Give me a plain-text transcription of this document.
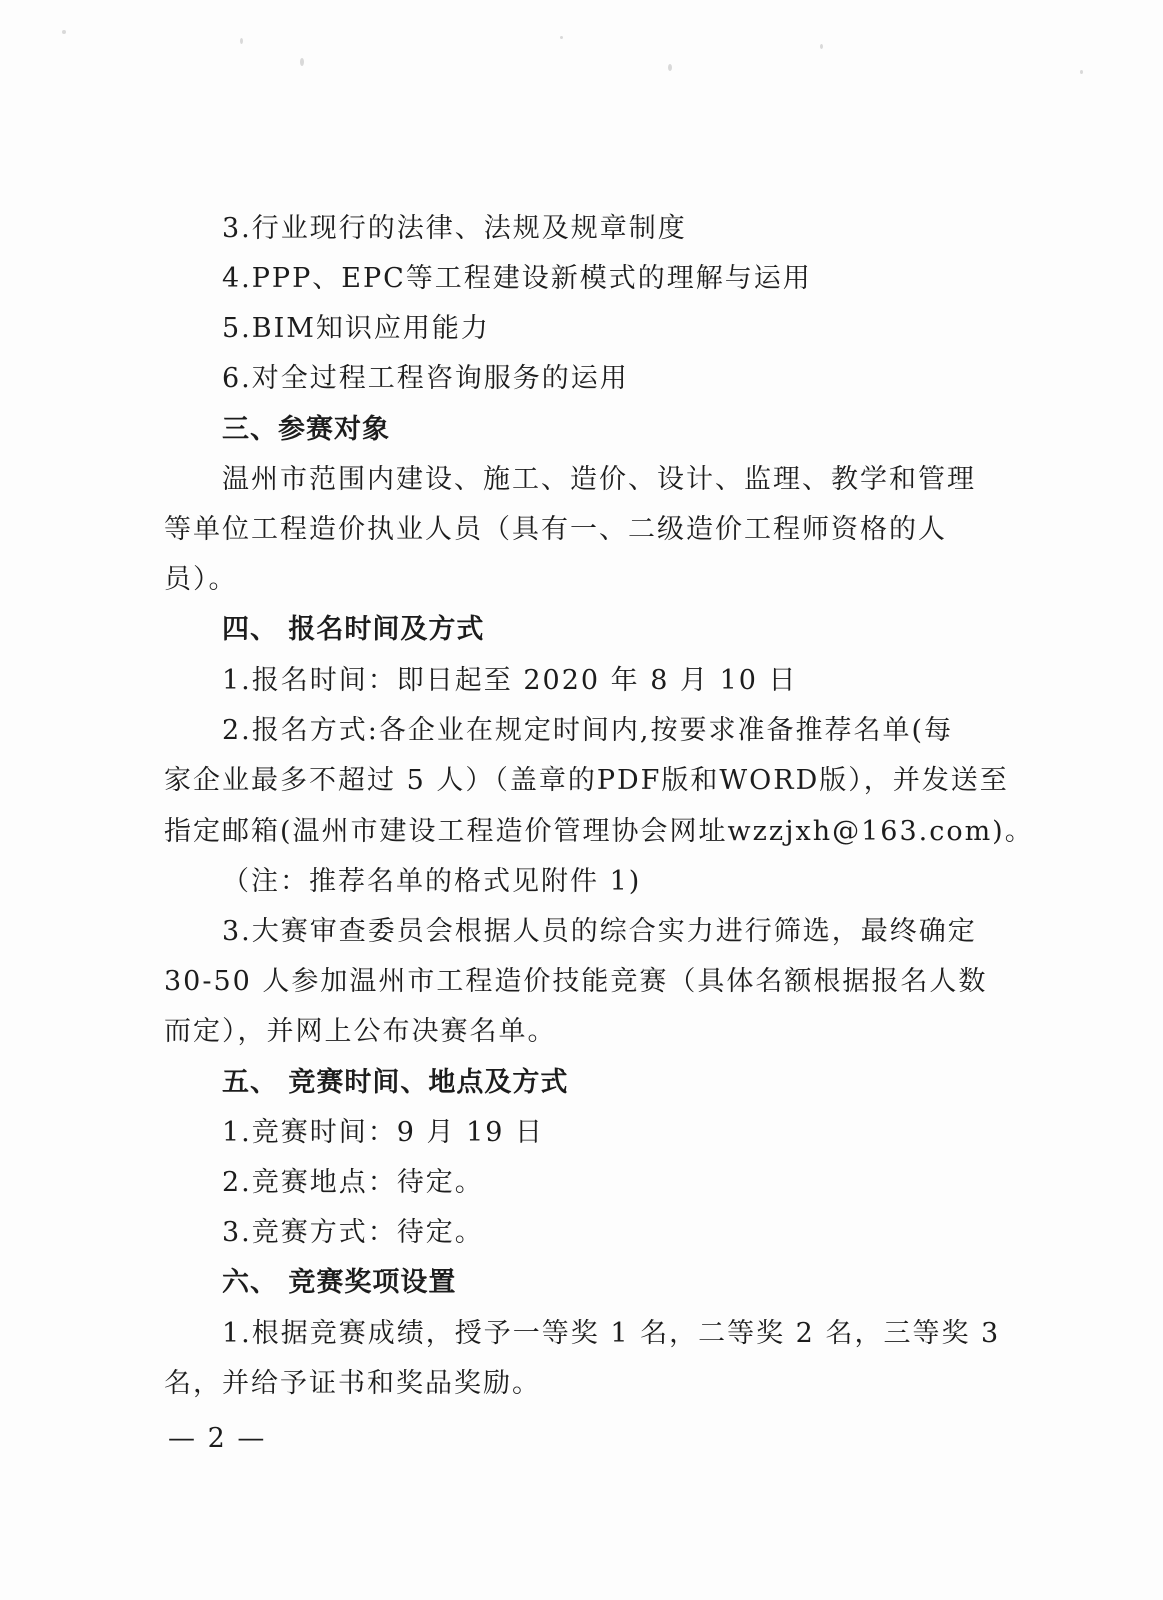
3.行业现行的法律、法规及规章制度
4.PPP、EPC等工程建设新模式的理解与运用
5.BIM知识应用能力
6.对全过程工程咨询服务的运用
三、参赛对象
温州市范围内建设、施工、造价、设计、监理、教学和管理
等单位工程造价执业人员（具有一、二级造价工程师资格的人
员）。
四、 报名时间及方式
1.报名时间：即日起至 2020 年 8 月 10 日
2.报名方式:各企业在规定时间内,按要求准备推荐名单(每
家企业最多不超过 5 人）（盖章的PDF版和WORD版），并发送至
指定邮箱(温州市建设工程造价管理协会网址wzzjxh@163.com)。
（注：推荐名单的格式见附件 1)
3.大赛审查委员会根据人员的综合实力进行筛选，最终确定
30-50 人参加温州市工程造价技能竞赛（具体名额根据报名人数
而定），并网上公布决赛名单。
五、 竞赛时间、地点及方式
1.竞赛时间：9 月 19 日
2.竞赛地点：待定。
3.竞赛方式：待定。
六、 竞赛奖项设置
1.根据竞赛成绩，授予一等奖 1 名，二等奖 2 名，三等奖 3
名，并给予证书和奖品奖励。
— 2 —
